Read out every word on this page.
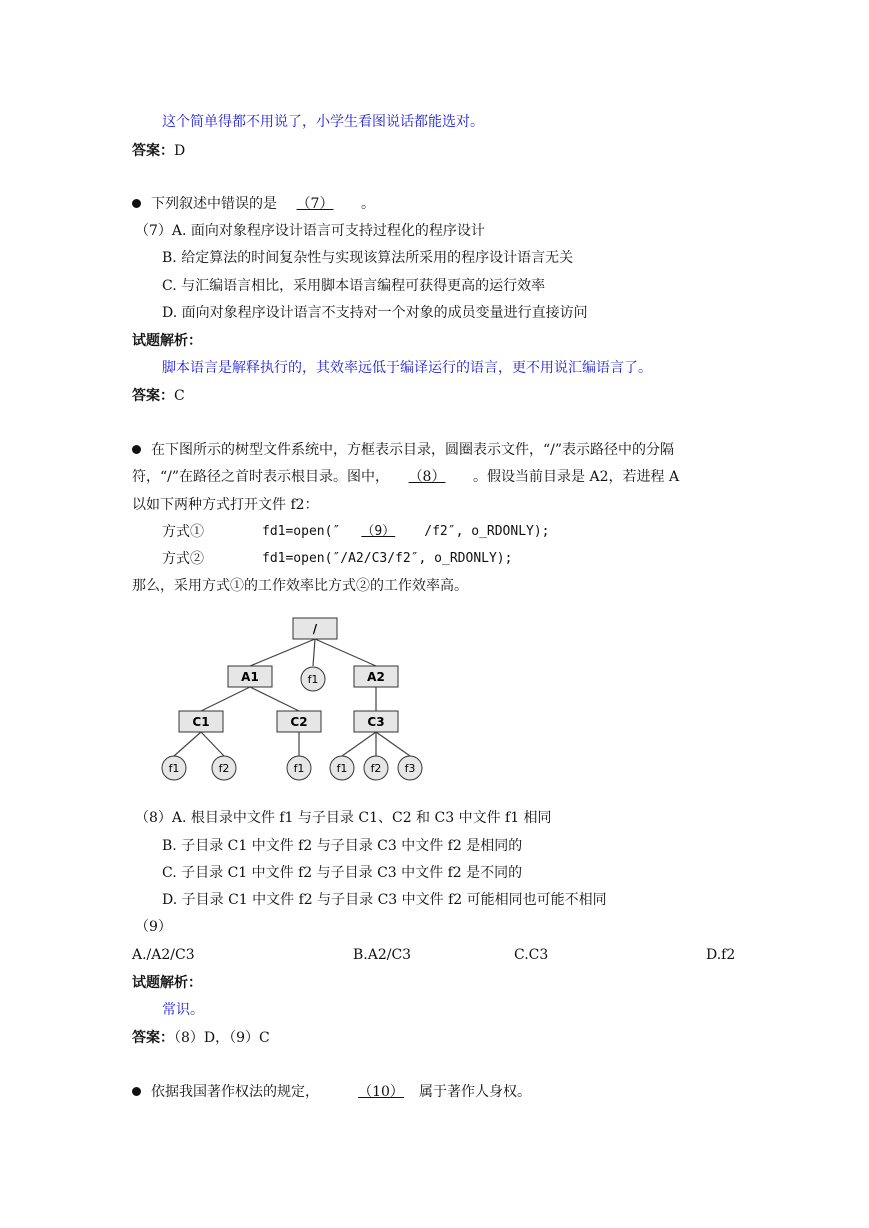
这个简单得都不用说了，小学生看图说话都能选对。
答案：D
下列叙述中错误的是 （7） 。
（7）A. 面向对象程序设计语言可支持过程化的程序设计
B. 给定算法的时间复杂性与实现该算法所采用的程序设计语言无关
C. 与汇编语言相比，采用脚本语言编程可获得更高的运行效率
D. 面向对象程序设计语言不支持对一个对象的成员变量进行直接访问
试题解析：
脚本语言是解释执行的，其效率远低于编译运行的语言，更不用说汇编语言了。
答案：C
在下图所示的树型文件系统中，方框表示目录，圆圈表示文件，“/”表示路径中的分隔
符，“/”在路径之首时表示根目录。图中， （8） 。假设当前目录是 A2，若进程 A
以如下两种方式打开文件 f2：
方式①	fd1=open(″ （9） /f2″, o_RDONLY);
方式②	fd1=open(″/A2/C3/f2″, o_RDONLY);
那么，采用方式①的工作效率比方式②的工作效率高。
/
A1	f1	A2
C1	C2	C3
f1	f2	f1	f1 f2 f3
（8）A. 根目录中文件 f1 与子目录 C1、C2 和 C3 中文件 f1 相同
B. 子目录 C1 中文件 f2 与子目录 C3 中文件 f2 是相同的
C. 子目录 C1 中文件 f2 与子目录 C3 中文件 f2 是不同的
D. 子目录 C1 中文件 f2 与子目录 C3 中文件 f2 可能相同也可能不相同
（9）
A./A2/C3	B.A2/C3	C.C3	D.f2
试题解析：
常识。
答案：（8）D，（9）C
依据我国著作权法的规定，	（10） 属于著作人身权。
